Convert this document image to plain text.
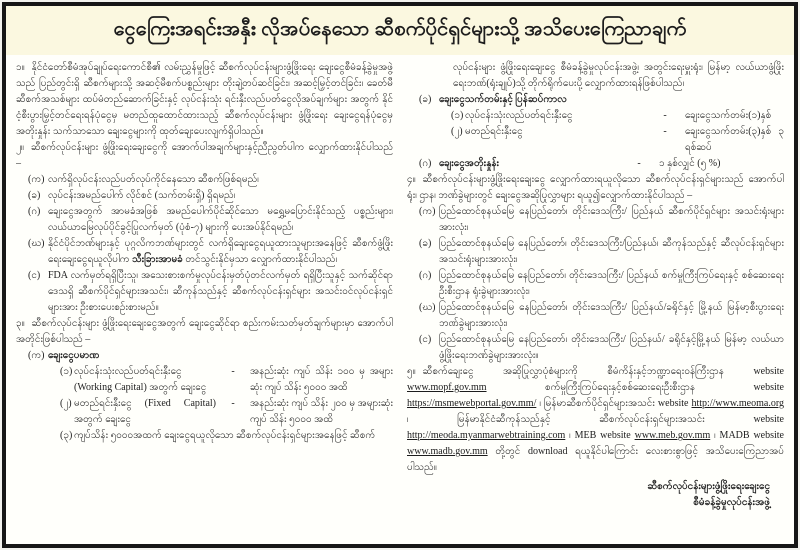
ငွေကြေးအရင်းအနှီး လိုအပ်နေသော ဆီစက်ပိုင်ရှင်များသို့ အသိပေးကြေညာချက်

၁။ နိုင်ငံတော်စီမံအုပ်ချုပ်ရေးကောင်စီ၏ လမ်းညွှန်မှုဖြင့် ဆီစက်လုပ်ငန်းများဖွံ့ဖြိုးရေး ချေးငွေစီမံခန့်ခွဲမှုအဖွဲ့သည် ပြည်တွင်းရှိ ဆီစက်များသို့ အဆင့်မီစက်ပစ္စည်းများ တိုးချဲ့တပ်ဆင်ခြင်း၊ အဆင့်မြှင့်တင်ခြင်း၊ ခေတ်မီဆီစက်အသစ်များ ထပ်မံတည်ဆောက်ခြင်းနှင့် လုပ်ငန်းသုံး ရင်းနှီးလည်ပတ်ငွေလိုအပ်ချက်များ အတွက် နိုင်ငံ့စီးပွားမြှင့်တင်ရေးရန်ပုံငွေမှ မတည်ထူထောင်ထားသည့် ဆီစက်လုပ်ငန်းများ ဖွံ့ဖြိုးရေး ချေးငွေရန်ပုံငွေမှ အတိုးနှုန်း သက်သာသော ချေးငွေများကို ထုတ်ချေးပေးလျက်ရှိပါသည်။

၂။ ဆီစက်လုပ်ငန်းများ ဖွံ့ဖြိုးရေးချေးငွေကို အောက်ပါအချက်များနှင့်ညီညွတ်ပါက လျှောက်ထားနိုင်ပါသည် –

(က) လက်ရှိလုပ်ငန်းလည်ပတ်လုပ်ကိုင်နေသော ဆီစက်ဖြစ်ရမည်၊
(ခ) လုပ်ငန်းအမည်ပေါက် လိုင်စင် (သက်တမ်းရှိ) ရှိရမည်၊
(ဂ) ချေးငွေအတွက် အာမခံအဖြစ် အမည်ပေါက်ပိုင်ဆိုင်သော မရွှေ့မပြောင်းနိုင်သည့် ပစ္စည်းများ၊ လယ်ယာမြေလုပ်ပိုင်ခွင့်ပြုလက်မှတ် (ပုံစံ-၇) များကို ပေးအပ်နိုင်ရမည်၊
(ဃ) နိုင်ငံပိုင်ဘဏ်များနှင့် ပုဂ္ဂလိကဘဏ်များတွင် လက်ရှိချေးငွေရယူထားသူများအနေဖြင့် ဆီစက်ဖွံ့ဖြိုးရေးချေးငွေရယူလိုပါက သီးခြားအာမခံ တင်သွင်းနိုင်မှသာ လျှောက်ထားနိုင်ပါသည်၊
(င) FDA လက်မှတ်ရရှိပြီးသူ၊ အသေးစားစက်မှုလုပ်ငန်းမှတ်ပုံတင်လက်မှတ် ရရှိပြီးသူနှင့် သက်ဆိုင်ရာဒေသရှိ ဆီစက်ပိုင်ရှင်များအသင်း၊ ဆီကုန်သည်နှင့် ဆီစက်လုပ်ငန်းရှင်များ အသင်းဝင်လုပ်ငန်းရှင်များအား ဦးစားပေးစဉ်းစားမည်။

၃။ ဆီစက်လုပ်ငန်းများ ဖွံ့ဖြိုးရေးချေးငွေအတွက် ချေးငွေဆိုင်ရာ စည်းကမ်းသတ်မှတ်ချက်များမှာ အောက်ပါအတိုင်းဖြစ်ပါသည် –

(က) ချေးငွေပမာဏ
(၁) လုပ်ငန်းသုံးလည်ပတ်ရင်းနှီးငွေ (Working Capital) အတွက် ချေးငွေ
-	အနည်းဆုံး ကျပ် သိန်း ၁၀၀ မှ အများဆုံး ကျပ် သိန်း ၅၀၀၀ အထိ
(၂) မတည်ရင်းနှီးငွေ (Fixed Capital) အတွက် ချေးငွေ
-	အနည်းဆုံး ကျပ် သိန်း ၂၀၀ မှ အများဆုံး ကျပ် သိန်း ၅၀၀၀ အထိ
(၃) ကျပ်သိန်း ၅၀၀၀အထက် ချေးငွေရယူလိုသော ဆီစက်လုပ်ငန်းရှင်များအနေဖြင့် ဆီစက်

လုပ်ငန်းများ ဖွံ့ဖြိုးရေးချေးငွေ စီမံခန့်ခွဲမှုလုပ်ငန်းအဖွဲ့၊ အတွင်းရေးမှူးရုံး၊ မြန်မာ့ လယ်ယာဖွံ့ဖြိုးရေးဘဏ်(ရုံးချုပ်)သို့ တိုက်ရိုက်ပေးပို့ လျှောက်ထားရန်ဖြစ်ပါသည်၊

(ခ) ချေးငွေသက်တမ်းနှင့် ပြန်ဆပ်ကာလ
(၁) လုပ်ငန်းသုံးလည်ပတ်ရင်းနှီးငွေ	-	ချေးငွေသက်တမ်း(၁)နှစ်
(၂) မတည်ရင်းနှီးငွေ	-	ချေးငွေသက်တမ်း(၃)နှစ် ၃ ရစ်ဆပ်
(ဂ) ချေးငွေအတိုးနှုန်း	-	၁ နှစ်လျှင် (၅ %)

၄။ ဆီစက်လုပ်ငန်းများဖွံ့ဖြိုးရေးချေးငွေ လျှောက်ထားရယူလိုသော ဆီစက်လုပ်ငန်းရှင်များသည် အောက်ပါ ရုံး၊ ဌာန၊ ဘဏ်ခွဲများတွင် ချေးငွေအဆိုပြုလွှာများ ရယူ၍လျှောက်ထားနိုင်ပါသည် –

(က) ပြည်ထောင်စုနယ်မြေ နေပြည်တော်၊ တိုင်းဒေသကြီး/ ပြည်နယ် ဆီစက်ပိုင်ရှင်များ အသင်းရုံးများအားလုံး၊
(ခ) ပြည်ထောင်စုနယ်မြေ နေပြည်တော်၊ တိုင်းဒေသကြီး/ပြည်နယ်၊ ဆီကုန်သည်နှင့် ဆီလုပ်ငန်းရှင်များ အသင်းရုံးများအားလုံး၊
(ဂ) ပြည်ထောင်စုနယ်မြေ နေပြည်တော်၊ တိုင်းဒေသကြီး/ ပြည်နယ် စက်မှုကြီးကြပ်ရေးနှင့် စစ်ဆေးရေးဦးစီးဌာန ရုံးခွဲများအားလုံး၊
(ဃ) ပြည်ထောင်စုနယ်မြေ နေပြည်တော်၊ တိုင်းဒေသကြီး/ ပြည်နယ်/ခရိုင်နှင့် မြို့နယ် မြန်မာ့စီးပွားရေးဘဏ်ခွဲများအားလုံး၊
(င) ပြည်ထောင်စုနယ်မြေ နေပြည်တော်၊ တိုင်းဒေသကြီး/ ပြည်နယ်/ ခရိုင်နှင့်မြို့နယ် မြန်မာ့ လယ်ယာဖွံ့ဖြိုးရေးဘဏ်ခွဲများအားလုံး။

၅။ ဆီစက်ချေးငွေ အဆိုပြုလွှာပုံစံများကို စီမံကိန်းနှင့်ဘဏ္ဍာရေးဝန်ကြီးဌာန website www.mopf.gov.mm စက်မှုကြီးကြပ်ရေးနှင့်စစ်ဆေးရေးဦးစီးဌာန website https://msmewebportal.gov.mm/ ၊ မြန်မာဆီစက်ပိုင်ရှင်များအသင်း website http://www.meoma.org ၊ မြန်မာနိုင်ငံဆီကုန်သည်နှင့် ဆီစက်လုပ်ငန်းရှင်များအသင်း website http://meoda.myanmarwebtraining.com ၊ MEB website www.meb.gov.mm ၊ MADB website www.madb.gov.mm တို့တွင် download ရယူနိုင်ပါကြောင်း လေးစားစွာဖြင့် အသိပေးကြေညာအပ်ပါသည်။

ဆီစက်လုပ်ငန်းများဖွံ့ဖြိုးရေးချေးငွေ
စီမံခန့်ခွဲမှုလုပ်ငန်းအဖွဲ့
